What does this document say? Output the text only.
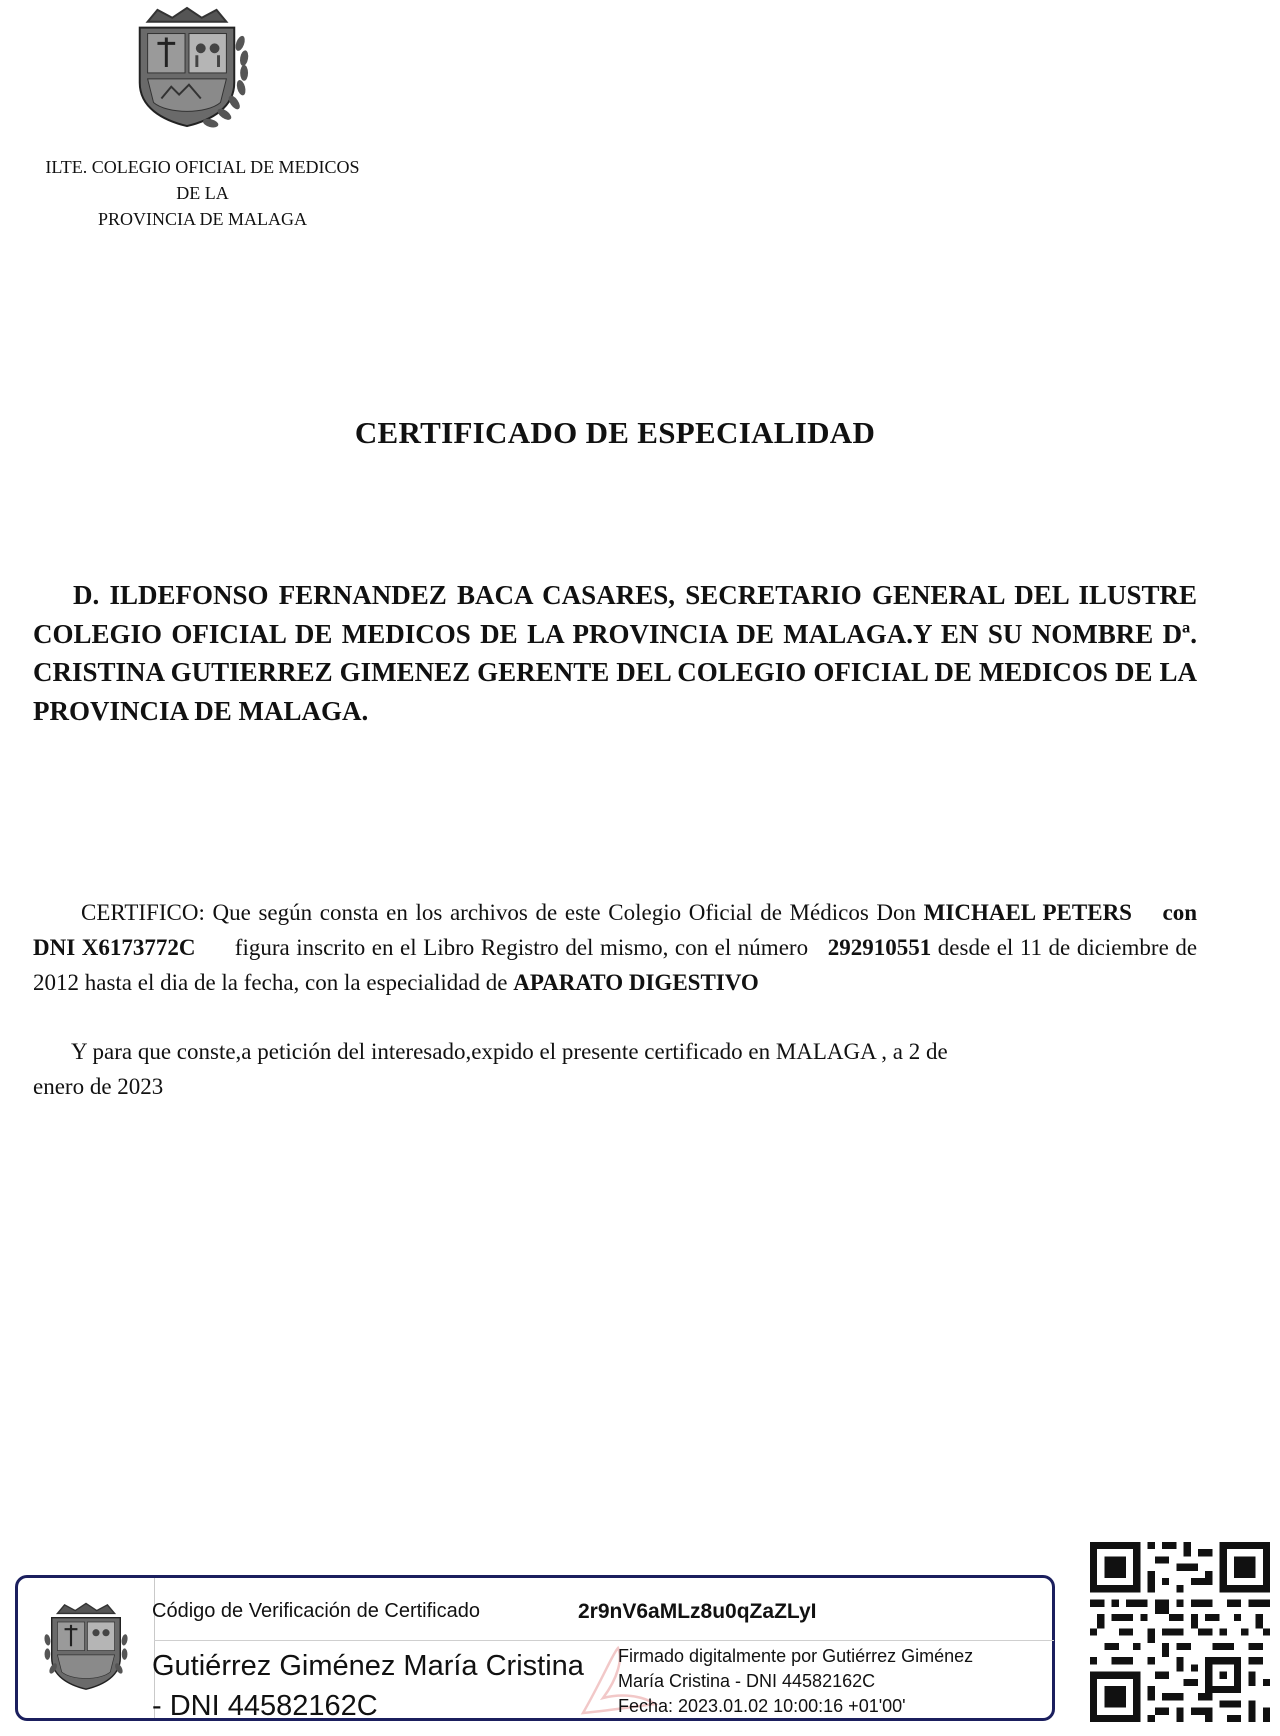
ILTE. COLEGIO OFICIAL DE MEDICOS
DE LA
PROVINCIA DE MALAGA
CERTIFICADO DE ESPECIALIDAD
D. ILDEFONSO FERNANDEZ BACA CASARES, SECRETARIO GENERAL DEL ILUSTRE COLEGIO OFICIAL DE MEDICOS DE LA PROVINCIA DE MALAGA.Y EN SU NOMBRE Dª. CRISTINA GUTIERREZ GIMENEZ GERENTE DEL COLEGIO OFICIAL DE MEDICOS DE LA PROVINCIA DE MALAGA.
CERTIFICO: Que según consta en los archivos de este Colegio Oficial de Médicos Don MICHAEL PETERS con DNI X6173772C figura inscrito en el Libro Registro del mismo, con el número 292910551 desde el 11 de diciembre de 2012 hasta el dia de la fecha, con la especialidad de APARATO DIGESTIVO
Y para que conste,a petición del interesado,expido el presente certificado en MALAGA , a 2 de
enero de 2023
Código de Verificación de Certificado	2r9nV6aMLz8u0qZaZLyI
Gutiérrez Giménez María Cristina
- DNI 44582162C
Firmado digitalmente por Gutiérrez Giménez
María Cristina - DNI 44582162C
Fecha: 2023.01.02 10:00:16 +01'00'
